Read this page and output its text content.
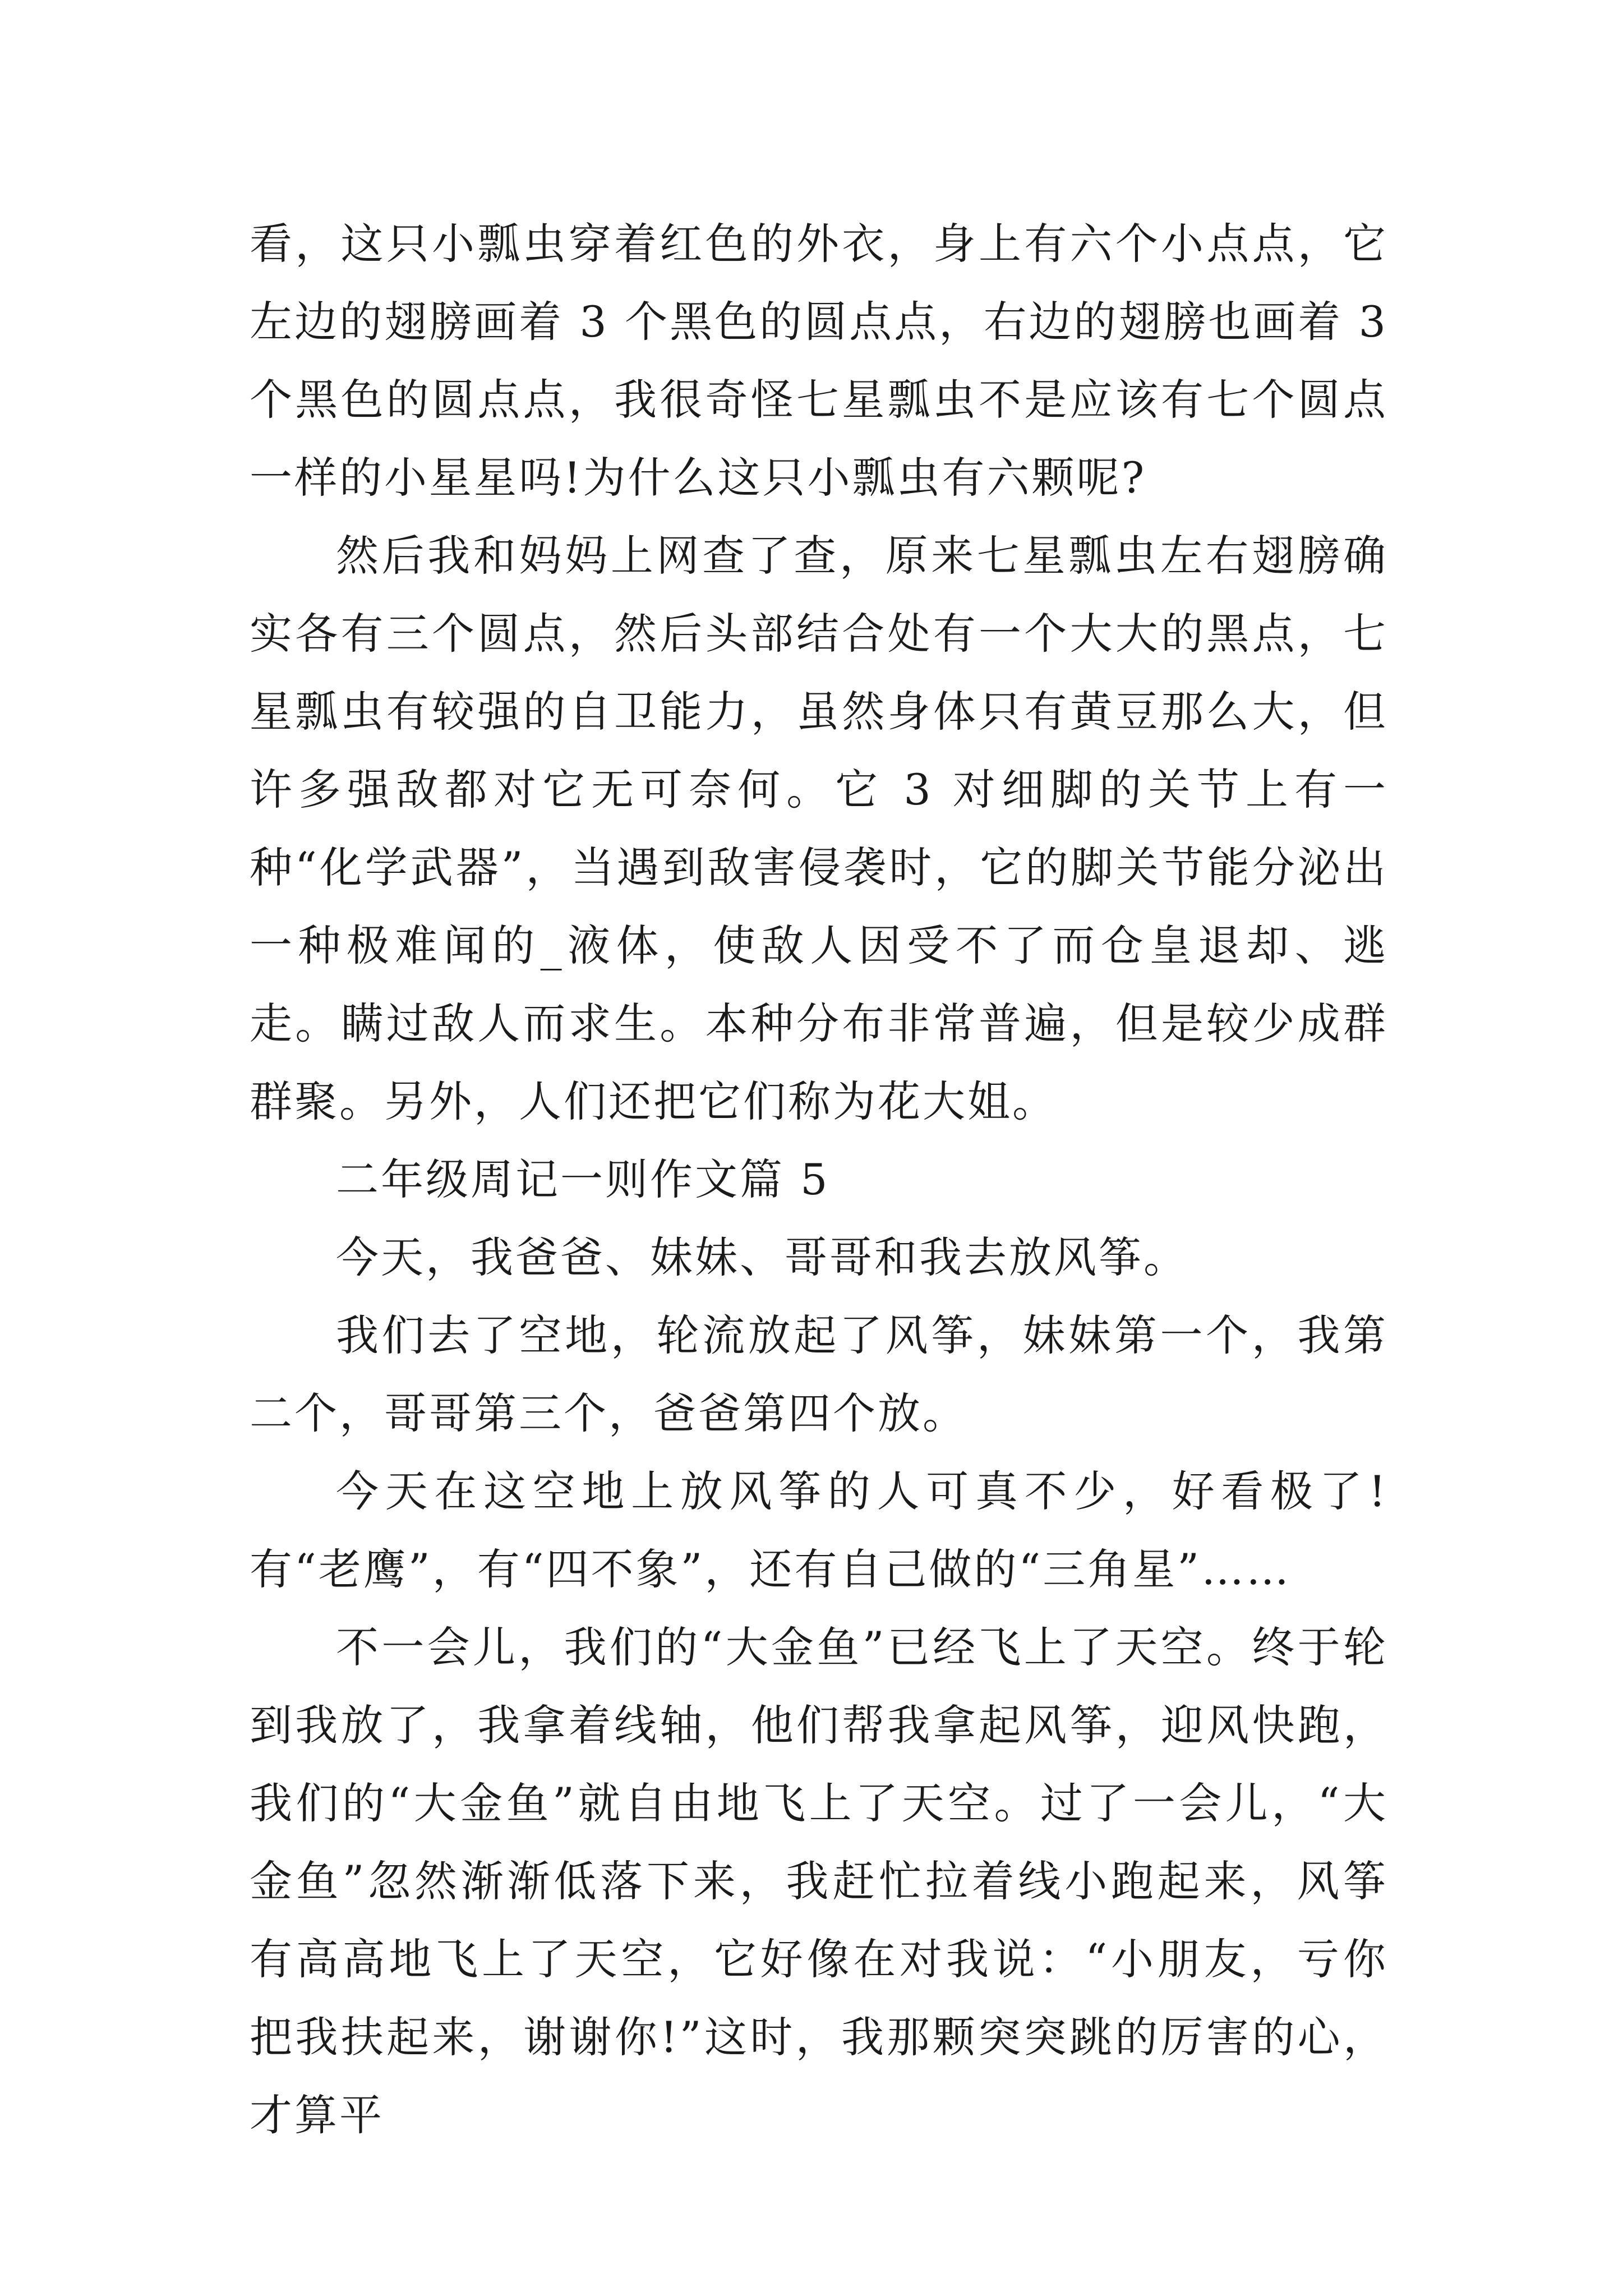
看，这只小瓢虫穿着红色的外衣，身上有六个小点点，它左边的翅膀画着 3 个黑色的圆点点，右边的翅膀也画着 3 个黑色的圆点点，我很奇怪七星瓢虫不是应该有七个圆点一样的小星星吗!为什么这只小瓢虫有六颗呢?

然后我和妈妈上网查了查，原来七星瓢虫左右翅膀确实各有三个圆点，然后头部结合处有一个大大的黑点，七星瓢虫有较强的自卫能力，虽然身体只有黄豆那么大，但许多强敌都对它无可奈何。它 3 对细脚的关节上有一种“化学武器”，当遇到敌害侵袭时，它的脚关节能分泌出一种极难闻的_液体，使敌人因受不了而仓皇退却、逃走。瞒过敌人而求生。本种分布非常普遍，但是较少成群群聚。另外，人们还把它们称为花大姐。

二年级周记一则作文篇 5

今天，我爸爸、妹妹、哥哥和我去放风筝。

我们去了空地，轮流放起了风筝，妹妹第一个，我第二个，哥哥第三个，爸爸第四个放。

今天在这空地上放风筝的人可真不少，好看极了!有“老鹰”，有“四不象”，还有自己做的“三角星”……

不一会儿，我们的“大金鱼”已经飞上了天空。终于轮到我放了，我拿着线轴，他们帮我拿起风筝，迎风快跑，我们的“大金鱼”就自由地飞上了天空。过了一会儿，“大金鱼”忽然渐渐低落下来，我赶忙拉着线小跑起来，风筝有高高地飞上了天空，它好像在对我说：“小朋友，亏你把我扶起来，谢谢你!”这时，我那颗突突跳的厉害的心，才算平
